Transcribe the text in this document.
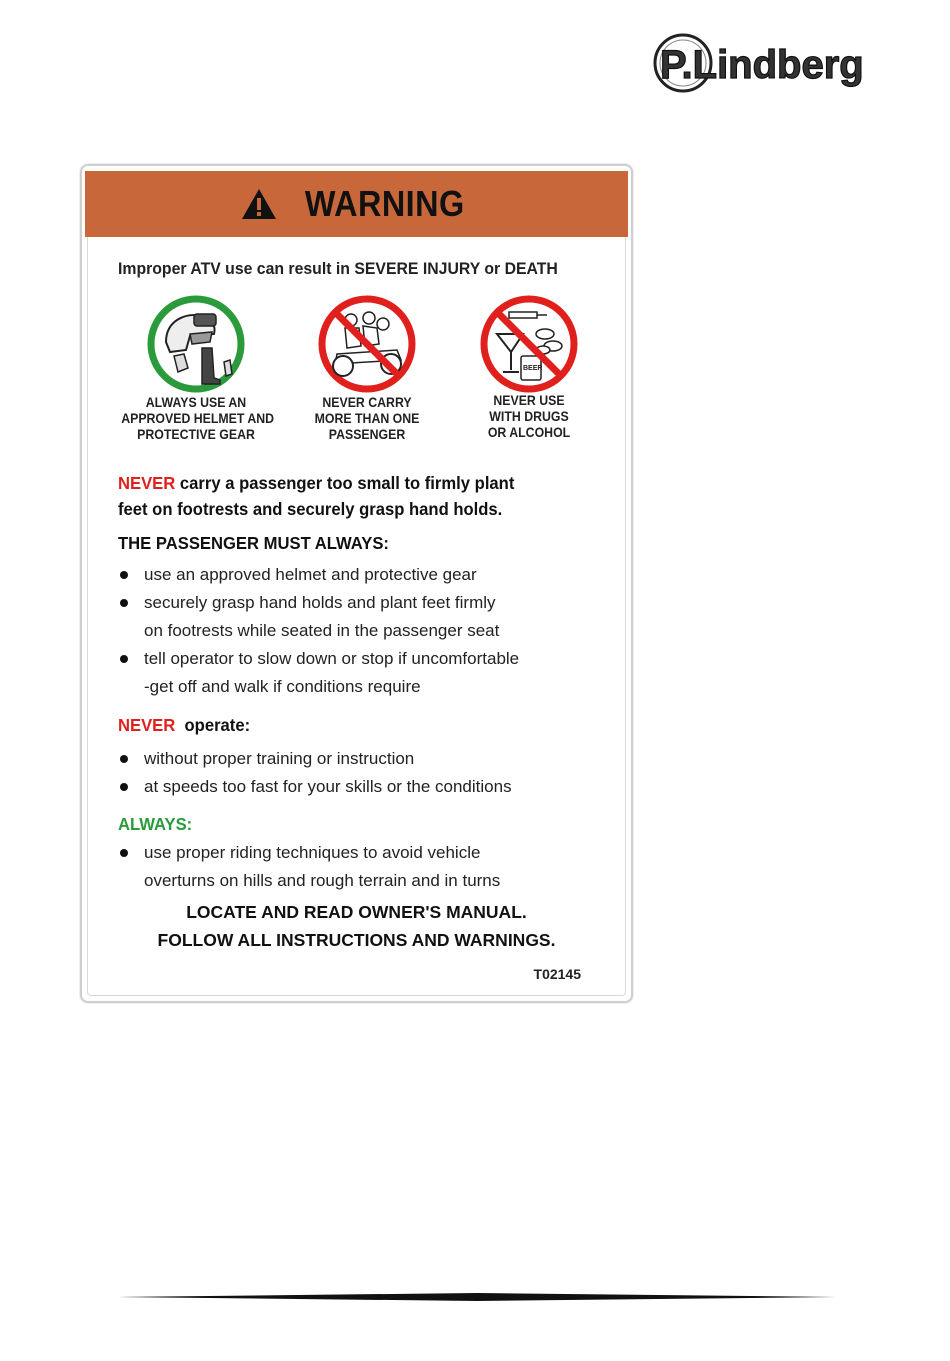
P.Lindberg
WARNING
Improper ATV use can result in SEVERE INJURY or DEATH
ALWAYS USE AN
APPROVED HELMET AND
PROTECTIVE GEAR
NEVER CARRY
MORE THAN ONE
PASSENGER
BEER
NEVER USE
WITH DRUGS
OR ALCOHOL
NEVER carry a passenger too small to firmly plant
feet on footrests and securely grasp hand holds.
THE PASSENGER MUST ALWAYS:
use an approved helmet and protective gear
securely grasp hand holds and plant feet firmly
on footrests while seated in the passenger seat
tell operator to slow down or stop if uncomfortable
-get off and walk if conditions require
NEVER operate:
without proper training or instruction
at speeds too fast for your skills or the conditions
ALWAYS:
use proper riding techniques to avoid vehicle
overturns on hills and rough terrain and in turns
LOCATE AND READ OWNER'S MANUAL.
FOLLOW ALL INSTRUCTIONS AND WARNINGS.
T02145
